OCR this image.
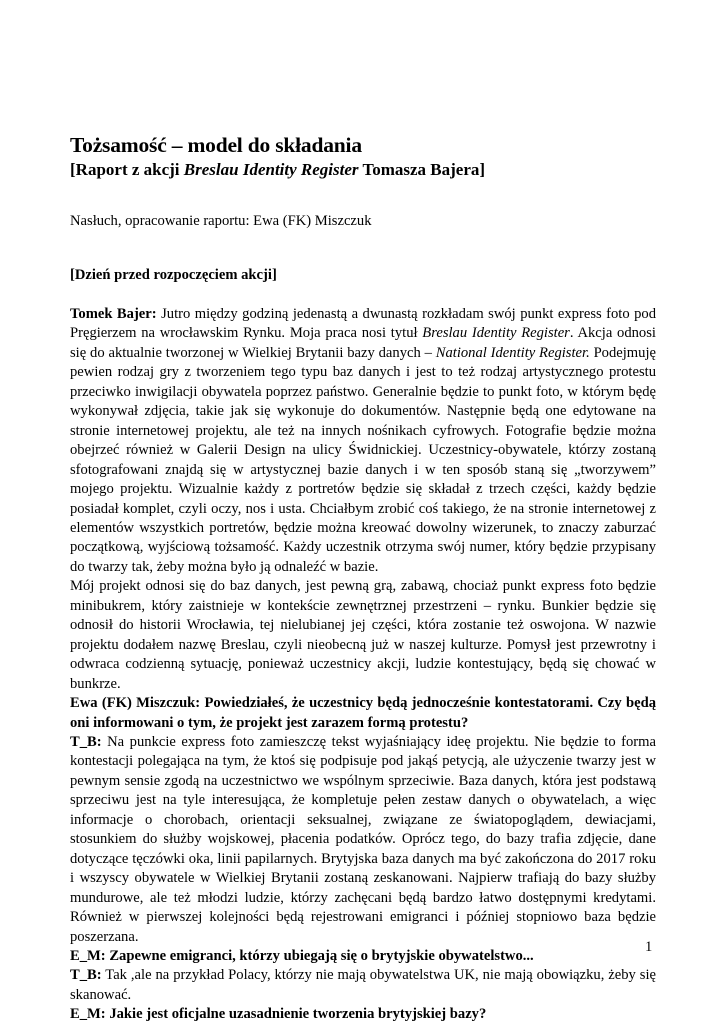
Tożsamość – model do składania
[Raport z akcji Breslau Identity Register Tomasza Bajera]

Nasłuch, opracowanie raportu: Ewa (FK) Miszczuk

[Dzień przed rozpoczęciem akcji]

Tomek Bajer: Jutro między godziną jedenastą a dwunastą rozkładam swój punkt express foto pod Pręgierzem na wrocławskim Rynku. Moja praca nosi tytuł Breslau Identity Register. Akcja odnosi się do aktualnie tworzonej w Wielkiej Brytanii bazy danych – National Identity Register. Podejmuję pewien rodzaj gry z tworzeniem tego typu baz danych i jest to też rodzaj artystycznego protestu przeciwko inwigilacji obywatela poprzez państwo. Generalnie będzie to punkt foto, w którym będę wykonywał zdjęcia, takie jak się wykonuje do dokumentów. Następnie będą one edytowane na stronie internetowej projektu, ale też na innych nośnikach cyfrowych. Fotografie będzie można obejrzeć również w Galerii Design na ulicy Świdnickiej. Uczestnicy-obywatele, którzy zostaną sfotografowani znajdą się w artystycznej bazie danych i w ten sposób staną się „tworzywem” mojego projektu. Wizualnie każdy z portretów będzie się składał z trzech części, każdy będzie posiadał komplet, czyli oczy, nos i usta. Chciałbym zrobić coś takiego, że na stronie internetowej z elementów wszystkich portretów, będzie można kreować dowolny wizerunek, to znaczy zaburzać początkową, wyjściową tożsamość. Każdy uczestnik otrzyma swój numer, który będzie przypisany do twarzy tak, żeby można było ją odnaleźć w bazie.

Mój projekt odnosi się do baz danych, jest pewną grą, zabawą, chociaż punkt express foto będzie minibukrem, który zaistnieje w kontekście zewnętrznej przestrzeni – rynku. Bunkier będzie się odnosił do historii Wrocławia, tej nielubianej jej części, która zostanie też oswojona. W nazwie projektu dodałem nazwę Breslau, czyli nieobecną już w naszej kulturze. Pomysł jest przewrotny i odwraca codzienną sytuację, ponieważ uczestnicy akcji, ludzie kontestujący, będą się chować w bunkrze.

Ewa (FK) Miszczuk: Powiedziałeś, że uczestnicy będą jednocześnie kontestatorami. Czy będą oni informowani o tym, że projekt jest zarazem formą protestu?

T_B: Na punkcie express foto zamieszczę tekst wyjaśniający ideę projektu. Nie będzie to forma kontestacji polegająca na tym, że ktoś się podpisuje pod jakąś petycją, ale użyczenie twarzy jest w pewnym sensie zgodą na uczestnictwo we wspólnym sprzeciwie. Baza danych, która jest podstawą sprzeciwu jest na tyle interesująca, że kompletuje pełen zestaw danych o obywatelach, a więc informacje o chorobach, orientacji seksualnej, związane ze światopoglądem, dewiacjami, stosunkiem do służby wojskowej, płacenia podatków. Oprócz tego, do bazy trafia zdjęcie, dane dotyczące tęczówki oka, linii papilarnych. Brytyjska baza danych ma być zakończona do 2017 roku i wszyscy obywatele w Wielkiej Brytanii zostaną zeskanowani. Najpierw trafiają do bazy służby mundurowe, ale też młodzi ludzie, którzy zachęcani będą bardzo łatwo dostępnymi kredytami. Również w pierwszej kolejności będą rejestrowani emigranci i później stopniowo baza będzie poszerzana.

E_M: Zapewne emigranci, którzy ubiegają się o brytyjskie obywatelstwo...

T_B: Tak ,ale na przykład Polacy, którzy nie mają obywatelstwa UK, nie mają obowiązku, żeby się skanować.

E_M: Jakie jest oficjalne uzasadnienie tworzenia brytyjskiej bazy?

1
